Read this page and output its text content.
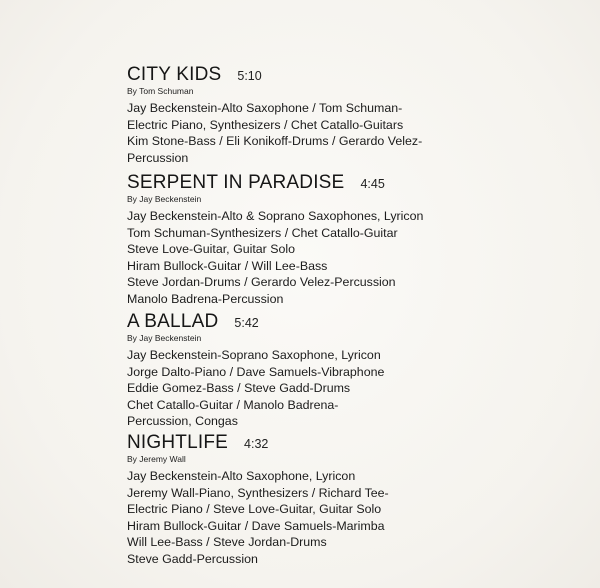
CITY KIDS 5:10
By Tom Schuman
Jay Beckenstein-Alto Saxophone / Tom Schuman-
Electric Piano, Synthesizers / Chet Catallo-Guitars
Kim Stone-Bass / Eli Konikoff-Drums / Gerardo Velez-
Percussion
SERPENT IN PARADISE 4:45
By Jay Beckenstein
Jay Beckenstein-Alto & Soprano Saxophones, Lyricon
Tom Schuman-Synthesizers / Chet Catallo-Guitar
Steve Love-Guitar, Guitar Solo
Hiram Bullock-Guitar / Will Lee-Bass
Steve Jordan-Drums / Gerardo Velez-Percussion
Manolo Badrena-Percussion
A BALLAD 5:42
By Jay Beckenstein
Jay Beckenstein-Soprano Saxophone, Lyricon
Jorge Dalto-Piano / Dave Samuels-Vibraphone
Eddie Gomez-Bass / Steve Gadd-Drums
Chet Catallo-Guitar / Manolo Badrena-
Percussion, Congas
NIGHTLIFE 4:32
By Jeremy Wall
Jay Beckenstein-Alto Saxophone, Lyricon
Jeremy Wall-Piano, Synthesizers / Richard Tee-
Electric Piano / Steve Love-Guitar, Guitar Solo
Hiram Bullock-Guitar / Dave Samuels-Marimba
Will Lee-Bass / Steve Jordan-Drums
Steve Gadd-Percussion
